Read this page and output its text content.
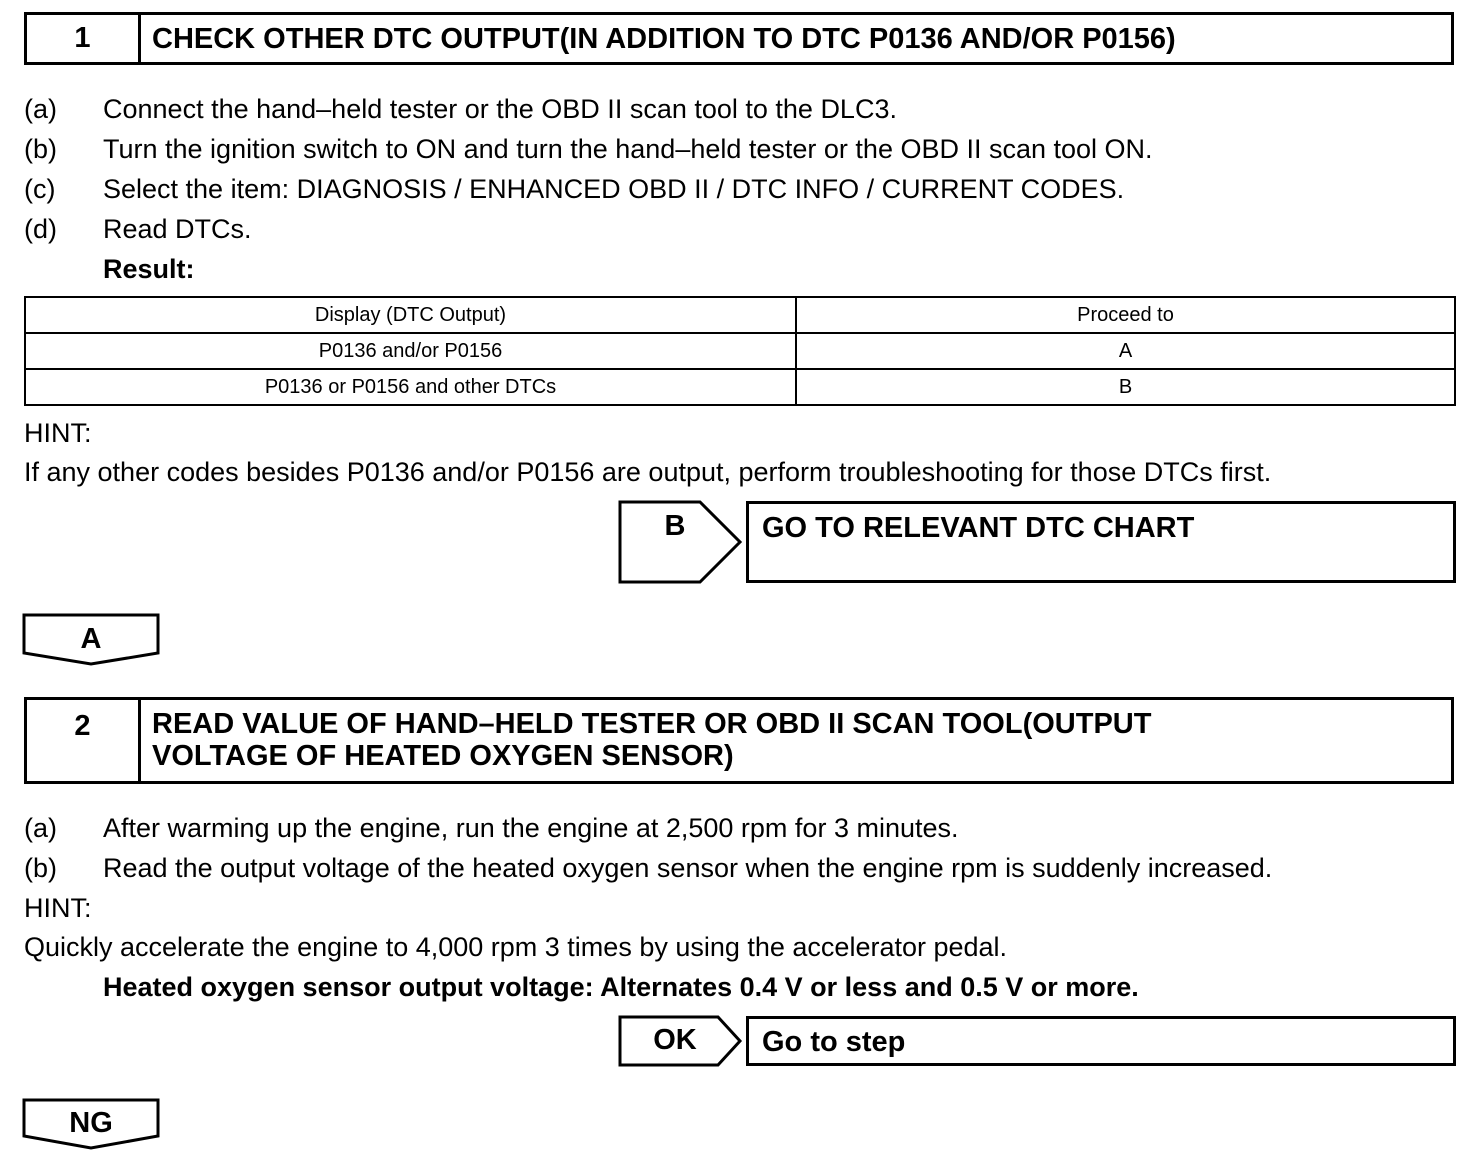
1	CHECK OTHER DTC OUTPUT(IN ADDITION TO DTC P0136 AND/OR P0156)
(a) Connect the hand–held tester or the OBD II scan tool to the DLC3.
(b) Turn the ignition switch to ON and turn the hand–held tester or the OBD II scan tool ON.
(c) Select the item: DIAGNOSIS / ENHANCED OBD II / DTC INFO / CURRENT CODES.
(d) Read DTCs.
Result:
Display (DTC Output)	Proceed to
P0136 and/or P0156	A
P0136 or P0156 and other DTCs	B
HINT:
If any other codes besides P0136 and/or P0156 are output, perform troubleshooting for those DTCs first.
B	GO TO RELEVANT DTC CHART
A
2	READ VALUE OF HAND–HELD TESTER OR OBD II SCAN TOOL(OUTPUT
VOLTAGE OF HEATED OXYGEN SENSOR)
(a) After warming up the engine, run the engine at 2,500 rpm for 3 minutes.
(b) Read the output voltage of the heated oxygen sensor when the engine rpm is suddenly increased.
HINT:
Quickly accelerate the engine to 4,000 rpm 3 times by using the accelerator pedal.
Heated oxygen sensor output voltage: Alternates 0.4 V or less and 0.5 V or more.
OK	Go to step
NG
